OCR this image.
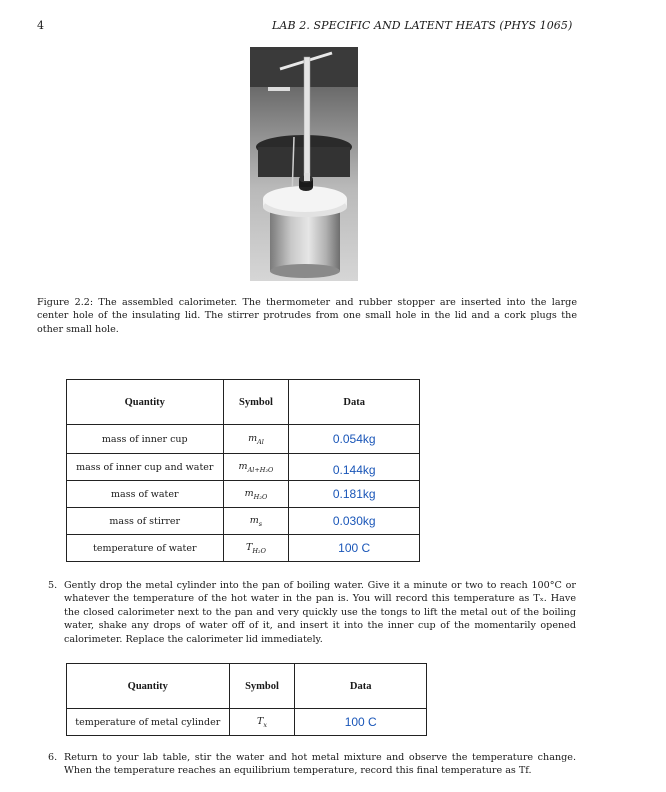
4	LAB 2. SPECIFIC AND LATENT HEATS (PHYS 1065)
Figure 2.2: The assembled calorimeter. The thermometer and rubber stopper are inserted into the large center hole of the insulating lid. The stirrer protrudes from one small hole in the lid and a cork plugs the other small hole.
Quantity	Symbol	Data
mass of inner cup	$m_{Al}$	0.054kg
mass of inner cup and water	$m_{Al+H_2O}$	0.144kg
mass of water	$m_{H_2O}$	0.181kg
mass of stirrer	$m_s$	0.030kg
temperature of water	$T_{H_2O}$	100 C
5. Gently drop the metal cylinder into the pan of boiling water. Give it a minute or two to reach 100°C or whatever the temperature of the hot water in the pan is. You will record this temperature as Tₓ. Have the closed calorimeter next to the pan and very quickly use the tongs to lift the metal out of the boiling water, shake any drops of water off of it, and insert it into the inner cup of the momentarily opened calorimeter. Replace the calorimeter lid immediately.
Quantity	Symbol	Data
temperature of metal cylinder	$T_x$	100 C
6. Return to your lab table, stir the water and hot metal mixture and observe the temperature change. When the temperature reaches an equilibrium temperature, record this final temperature as Tf.
